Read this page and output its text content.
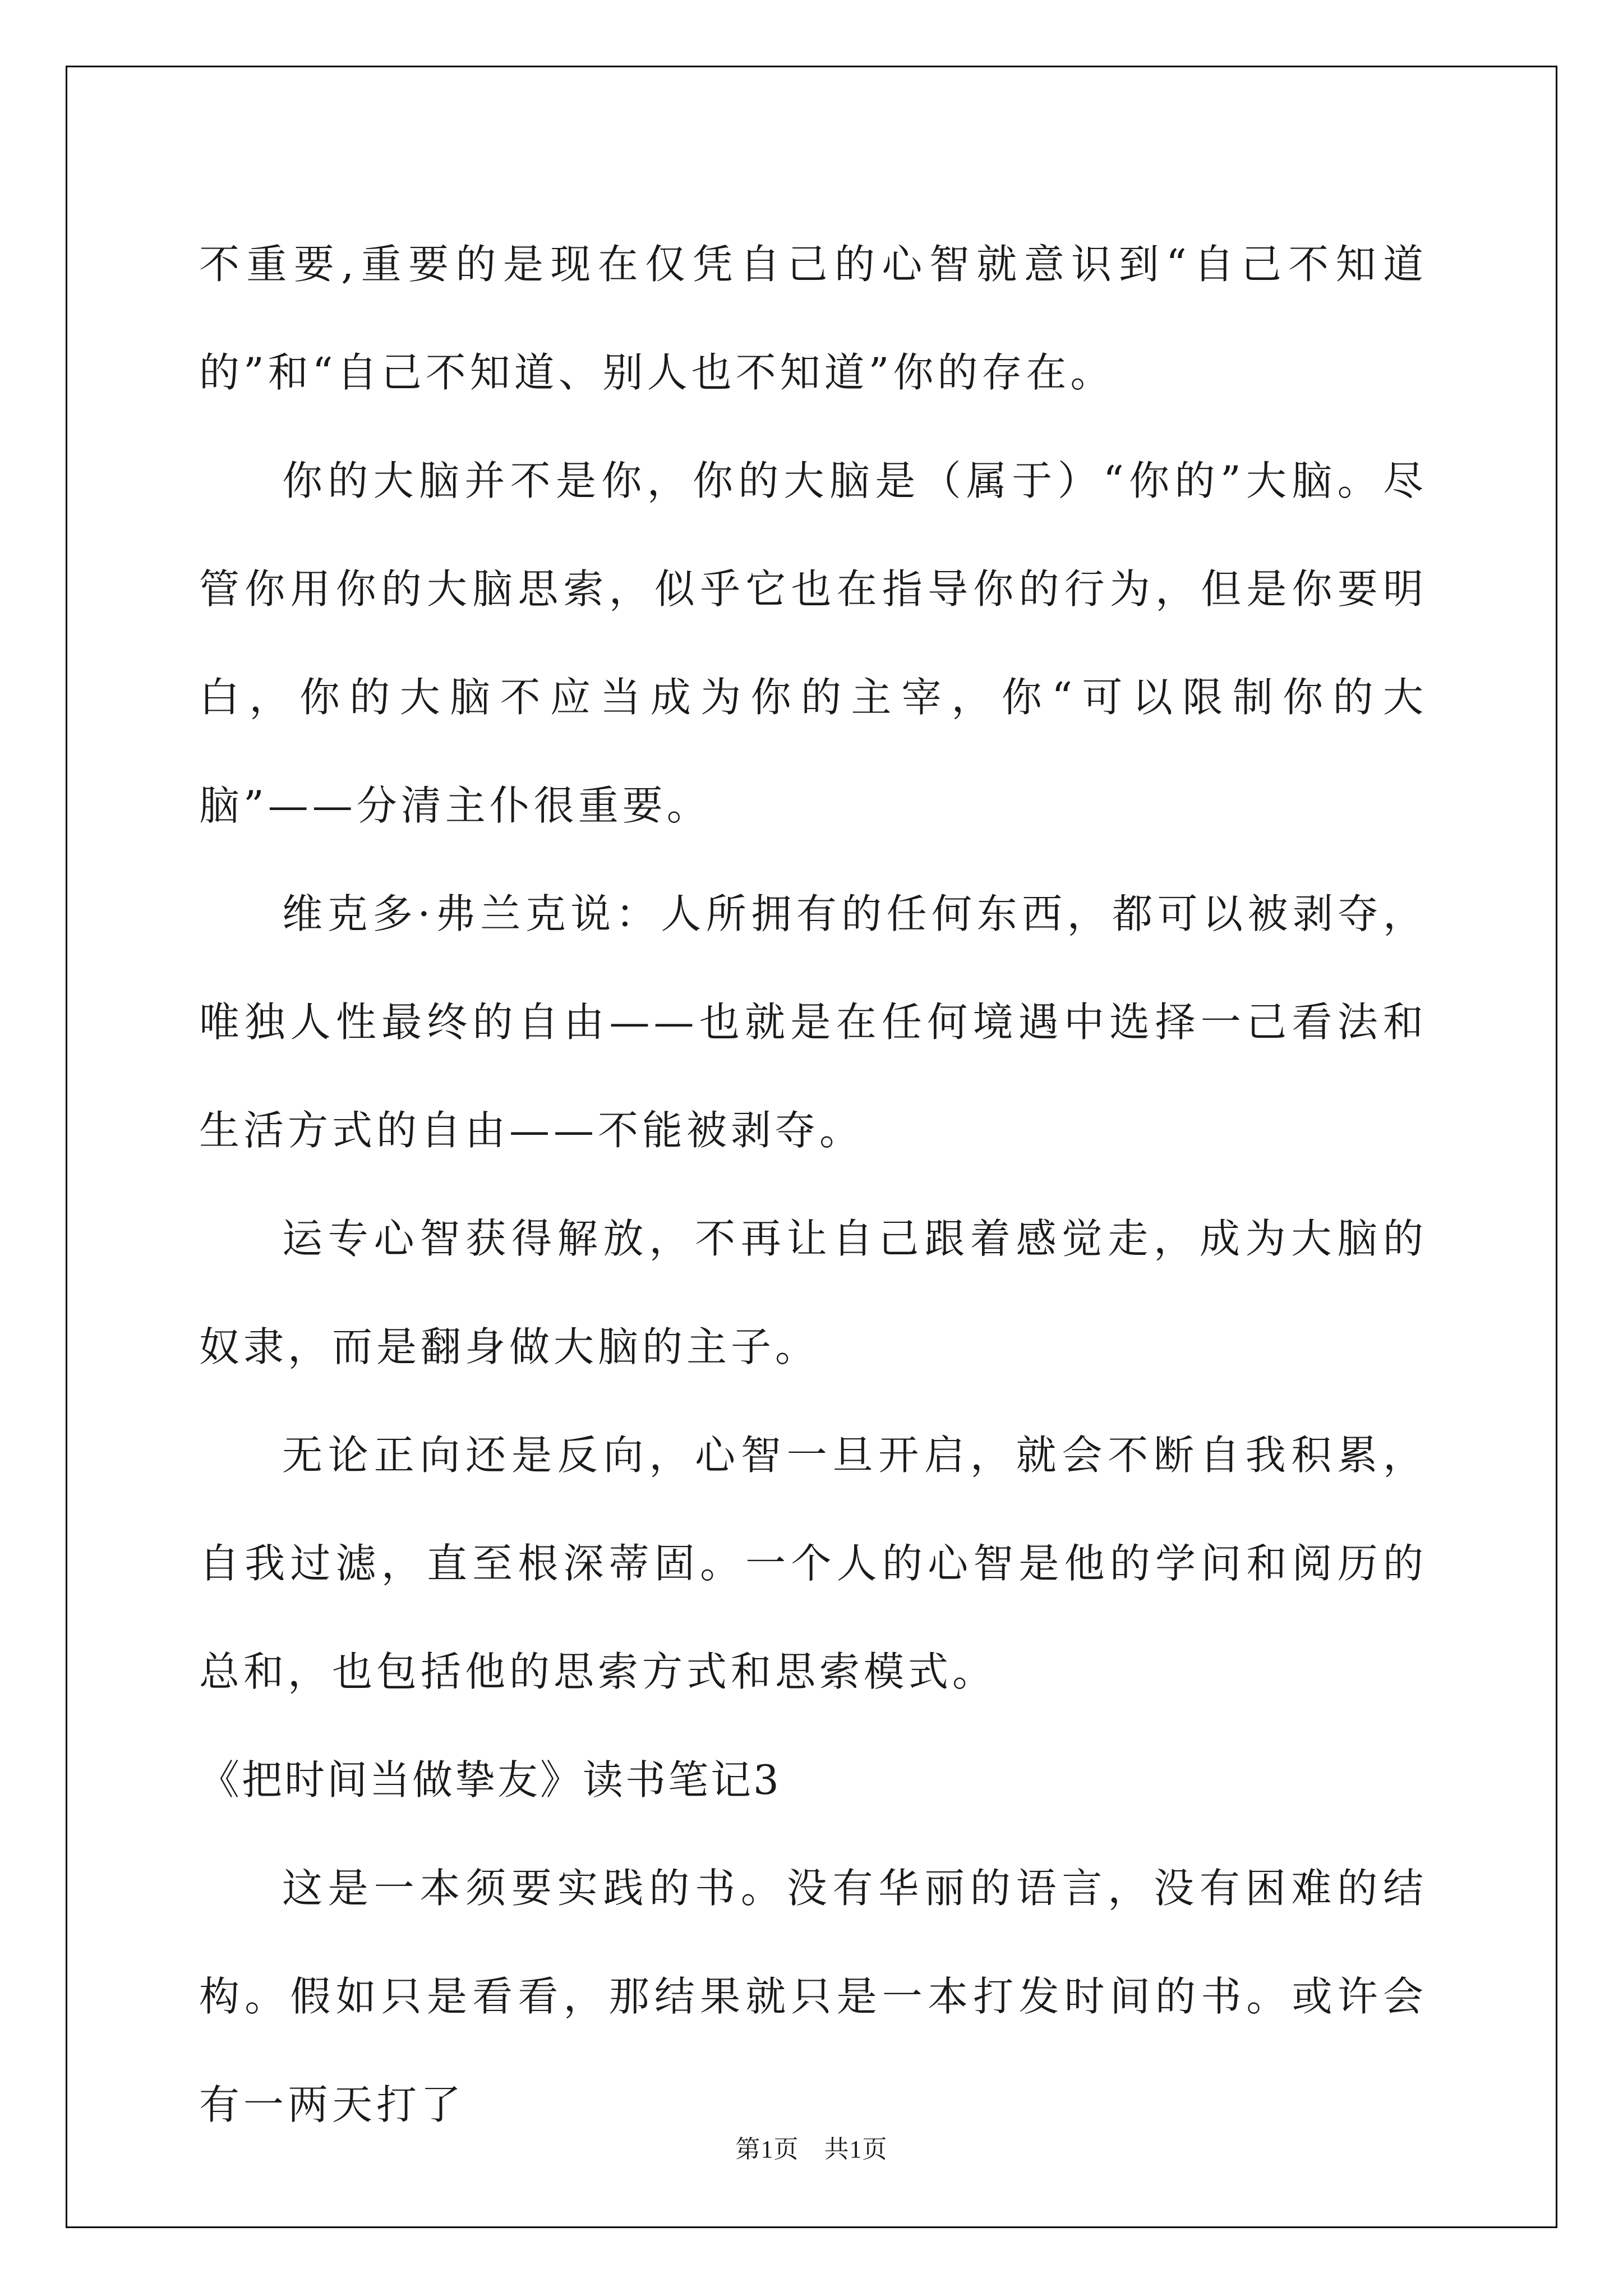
不重要,重要的是现在仅凭自己的心智就意识到“自己不知道的”和“自己不知道、别人也不知道”你的存在。

你的大脑并不是你，你的大脑是（属于）“你的”大脑。尽管你用你的大脑思索，似乎它也在指导你的行为，但是你要明白，你的大脑不应当成为你的主宰，你“可以限制你的大脑”——分清主仆很重要。

维克多·弗兰克说：人所拥有的任何东西，都可以被剥夺，唯独人性最终的自由——也就是在任何境遇中选择一己看法和生活方式的自由——不能被剥夺。

运专心智获得解放，不再让自己跟着感觉走，成为大脑的奴隶，而是翻身做大脑的主子。

无论正向还是反向，心智一旦开启，就会不断自我积累，自我过滤，直至根深蒂固。一个人的心智是他的学问和阅历的总和，也包括他的思索方式和思索模式。

《把时间当做挚友》读书笔记3

这是一本须要实践的书。没有华丽的语言，没有困难的结构。假如只是看看，那结果就只是一本打发时间的书。或许会有一两天打了

第1页　共1页
